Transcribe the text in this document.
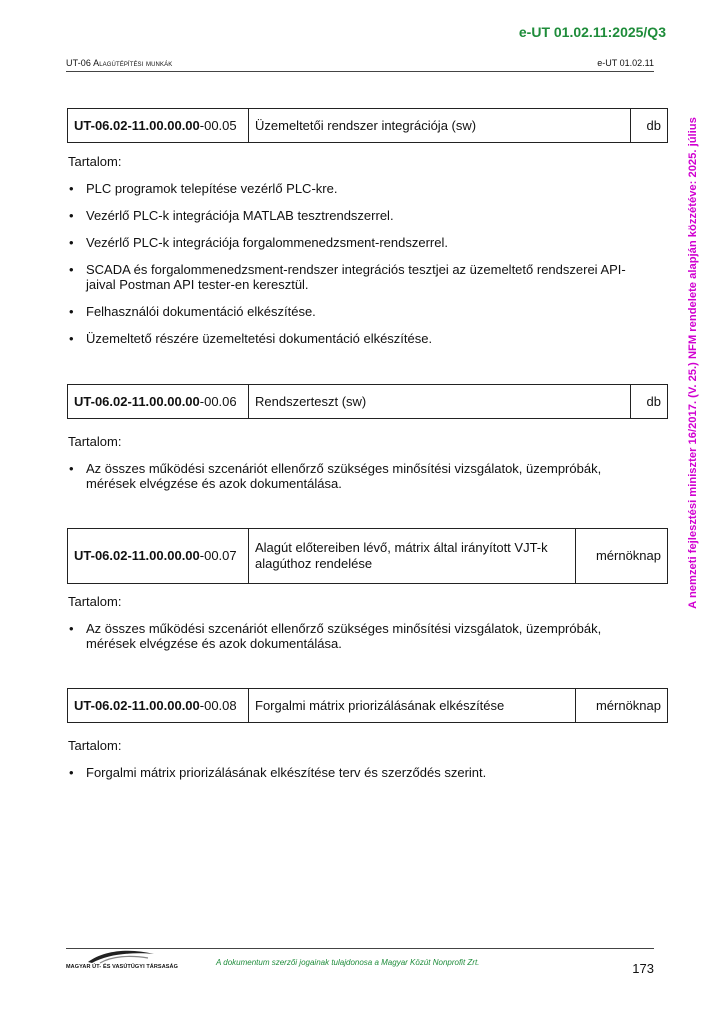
e-UT 01.02.11:2025/Q3
UT-06 Alagútépítési munkák	e-UT 01.02.11
A nemzeti fejlesztési miniszter 16/2017. (V. 25.) NFM rendelete alapján közzétéve: 2025. július
UT-06.02-11.00.00.00-00.05	Üzemeltetői rendszer integrációja (sw)	db
Tartalom:
• PLC programok telepítése vezérlő PLC-kre.
• Vezérlő PLC-k integrációja MATLAB tesztrendszerrel.
• Vezérlő PLC-k integrációja forgalommenedzsment-rendszerrel.
• SCADA és forgalommenedzsment-rendszer integrációs tesztjei az üzemeltető rendszerei API-jaival Postman API tester-en keresztül.
• Felhasználói dokumentáció elkészítése.
• Üzemeltető részére üzemeltetési dokumentáció elkészítése.
UT-06.02-11.00.00.00-00.06	Rendszerteszt (sw)	db
Tartalom:
• Az összes működési szcenáriót ellenőrző szükséges minősítési vizsgálatok, üzempróbák, mérések elvégzése és azok dokumentálása.
UT-06.02-11.00.00.00-00.07	Alagút előtereiben lévő, mátrix által irányított VJT-k alagúthoz rendelése	mérnöknap
Tartalom:
• Az összes működési szcenáriót ellenőrző szükséges minősítési vizsgálatok, üzempróbák, mérések elvégzése és azok dokumentálása.
UT-06.02-11.00.00.00-00.08	Forgalmi mátrix priorizálásának elkészítése	mérnöknap
Tartalom:
• Forgalmi mátrix priorizálásának elkészítése terv és szerződés szerint.
MAGYAR ÚT- ÉS VASÚTÜGYI TÁRSASÁG	A dokumentum szerzői jogainak tulajdonosa a Magyar Közút Nonprofit Zrt.	173
